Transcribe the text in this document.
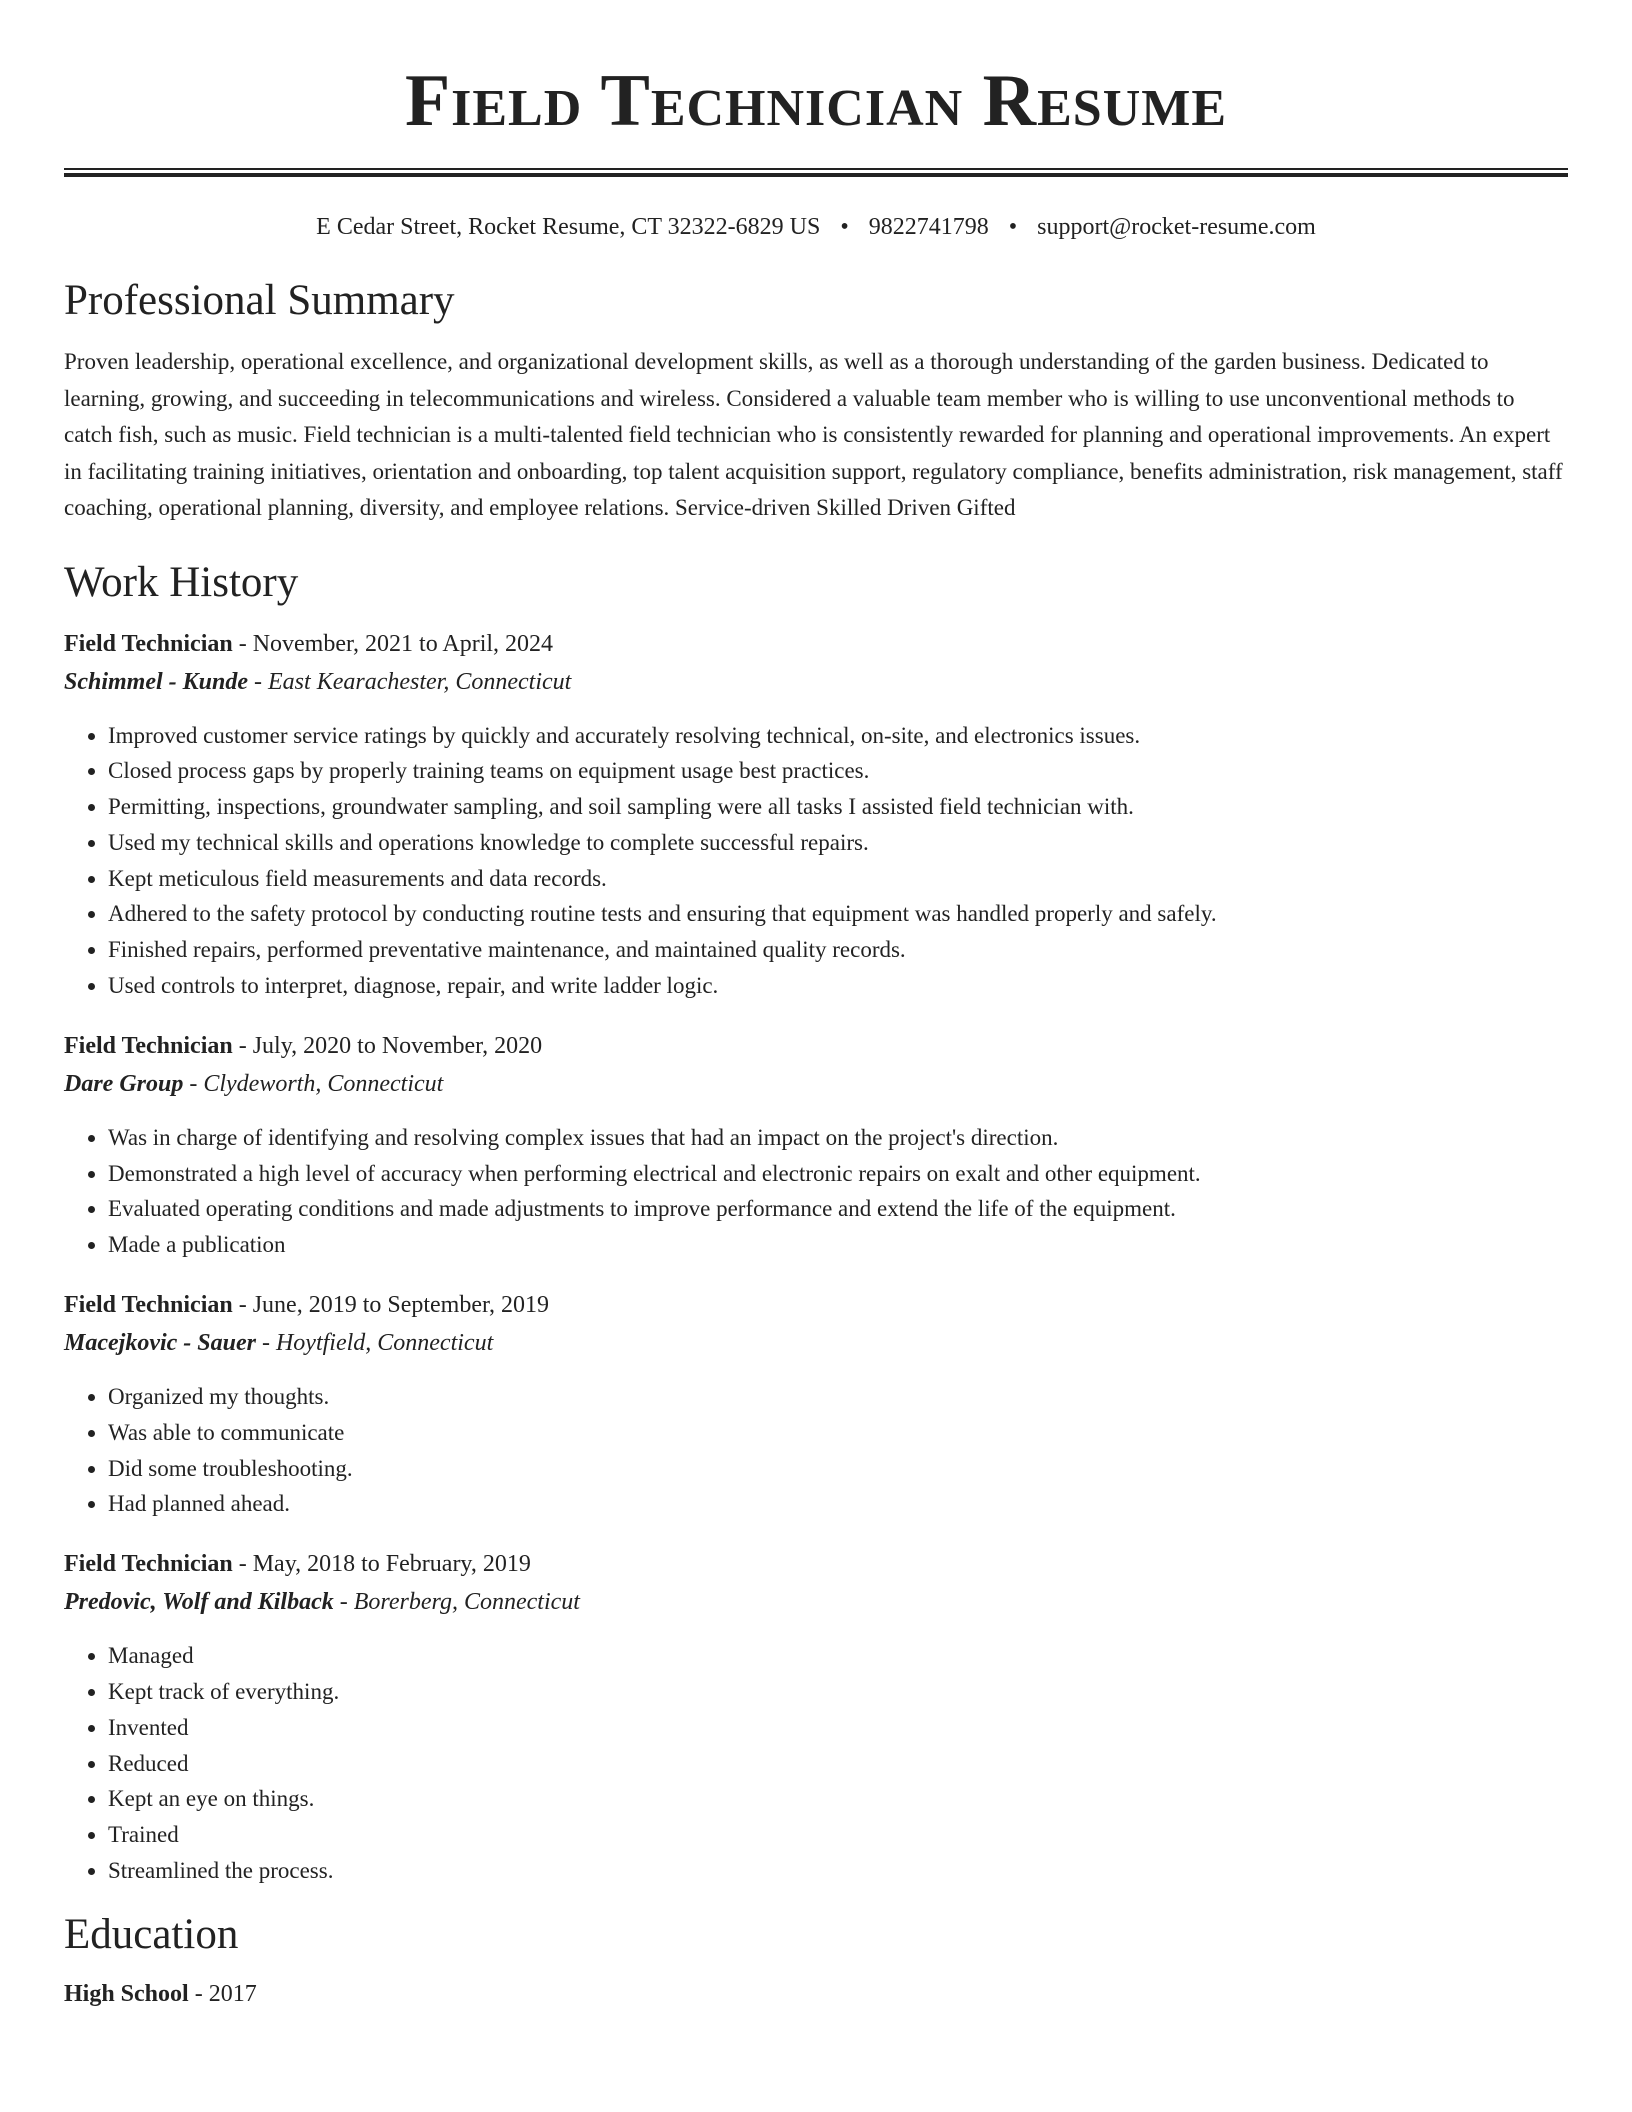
Field Technician Resume
E Cedar Street, Rocket Resume, CT 32322-6829 US • 9822741798 • support@rocket-resume.com
Professional Summary

Proven leadership, operational excellence, and organizational development skills, as well as a thorough understanding of the garden business. Dedicated to learning, growing, and succeeding in telecommunications and wireless. Considered a valuable team member who is willing to use unconventional methods to catch fish, such as music. Field technician is a multi-talented field technician who is consistently rewarded for planning and operational improvements. An expert in facilitating training initiatives, orientation and onboarding, top talent acquisition support, regulatory compliance, benefits administration, risk management, staff coaching, operational planning, diversity, and employee relations. Service-driven Skilled Driven Gifted

Work History
Field Technician - November, 2021 to April, 2024
Schimmel - Kunde - East Kearachester, Connecticut
• Improved customer service ratings by quickly and accurately resolving technical, on-site, and electronics issues.
• Closed process gaps by properly training teams on equipment usage best practices.
• Permitting, inspections, groundwater sampling, and soil sampling were all tasks I assisted field technician with.
• Used my technical skills and operations knowledge to complete successful repairs.
• Kept meticulous field measurements and data records.
• Adhered to the safety protocol by conducting routine tests and ensuring that equipment was handled properly and safely.
• Finished repairs, performed preventative maintenance, and maintained quality records.
• Used controls to interpret, diagnose, repair, and write ladder logic.
Field Technician - July, 2020 to November, 2020
Dare Group - Clydeworth, Connecticut
• Was in charge of identifying and resolving complex issues that had an impact on the project's direction.
• Demonstrated a high level of accuracy when performing electrical and electronic repairs on exalt and other equipment.
• Evaluated operating conditions and made adjustments to improve performance and extend the life of the equipment.
• Made a publication
Field Technician - June, 2019 to September, 2019
Macejkovic - Sauer - Hoytfield, Connecticut
• Organized my thoughts.
• Was able to communicate
• Did some troubleshooting.
• Had planned ahead.
Field Technician - May, 2018 to February, 2019
Predovic, Wolf and Kilback - Borerberg, Connecticut
• Managed
• Kept track of everything.
• Invented
• Reduced
• Kept an eye on things.
• Trained
• Streamlined the process.
Education
High School - 2017
